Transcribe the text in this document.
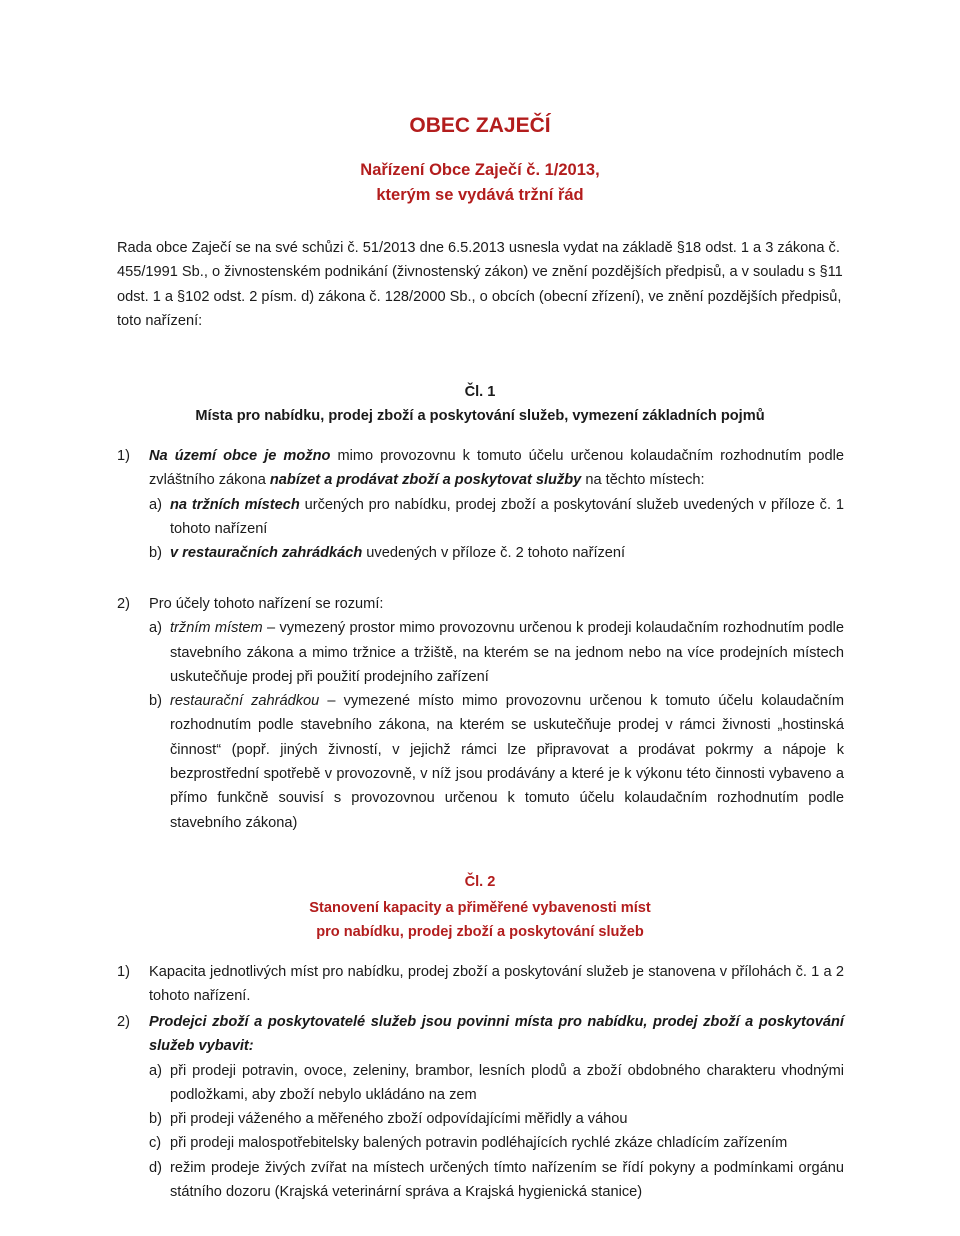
OBEC ZAJEČÍ
Nařízení Obce Zaječí č. 1/2013,
kterým se vydává tržní řád
Rada obce Zaječí se na své schůzi č. 51/2013 dne 6.5.2013 usnesla vydat na základě §18 odst. 1 a 3 zákona č. 455/1991 Sb., o živnostenském podnikání (živnostenský zákon) ve znění pozdějších předpisů, a v souladu s §11 odst. 1 a §102 odst. 2 písm. d) zákona č. 128/2000 Sb., o obcích (obecní zřízení), ve znění pozdějších předpisů, toto nařízení:
Čl. 1
Místa pro nabídku, prodej zboží a poskytování služeb, vymezení základních pojmů
1) Na území obce je možno mimo provozovnu k tomuto účelu určenou kolaudačním rozhodnutím podle zvláštního zákona nabízet a prodávat zboží a poskytovat služby na těchto místech:
a) na tržních místech určených pro nabídku, prodej zboží a poskytování služeb uvedených v příloze č. 1 tohoto nařízení
b) v restauračních zahrádkách uvedených v příloze č. 2 tohoto nařízení
2) Pro účely tohoto nařízení se rozumí:
a) tržním místem – vymezený prostor mimo provozovnu určenou k prodeji kolaudačním rozhodnutím podle stavebního zákona a mimo tržnice a tržiště, na kterém se na jednom nebo na více prodejních místech uskutečňuje prodej při použití prodejního zařízení
b) restaurační zahrádkou – vymezené místo mimo provozovnu určenou k tomuto účelu kolaudačním rozhodnutím podle stavebního zákona, na kterém se uskutečňuje prodej v rámci živnosti „hostinská činnost“ (popř. jiných živností, v jejichž rámci lze připravovat a prodávat pokrmy a nápoje k bezprostřední spotřebě v provozovně, v níž jsou prodávány a které je k výkonu této činnosti vybaveno a přímo funkčně souvisí s provozovnou určenou k tomuto účelu kolaudačním rozhodnutím podle stavebního zákona)
Čl. 2
Stanovení kapacity a přiměřené vybavenosti míst
pro nabídku, prodej zboží a poskytování služeb
1) Kapacita jednotlivých míst pro nabídku, prodej zboží a poskytování služeb je stanovena v přílohách č. 1 a 2 tohoto nařízení.
2) Prodejci zboží a poskytovatelé služeb jsou povinni místa pro nabídku, prodej zboží a poskytování služeb vybavit:
a) při prodeji potravin, ovoce, zeleniny, brambor, lesních plodů a zboží obdobného charakteru vhodnými podložkami, aby zboží nebylo ukládáno na zem
b) při prodeji váženého a měřeného zboží odpovídajícími měřidly a váhou
c) při prodeji malospotřebitelsky balených potravin podléhajících rychlé zkáze chladícím zařízením
d) režim prodeje živých zvířat na místech určených tímto nařízením se řídí pokyny a podmínkami orgánu státního dozoru (Krajská veterinární správa a Krajská hygienická stanice)
